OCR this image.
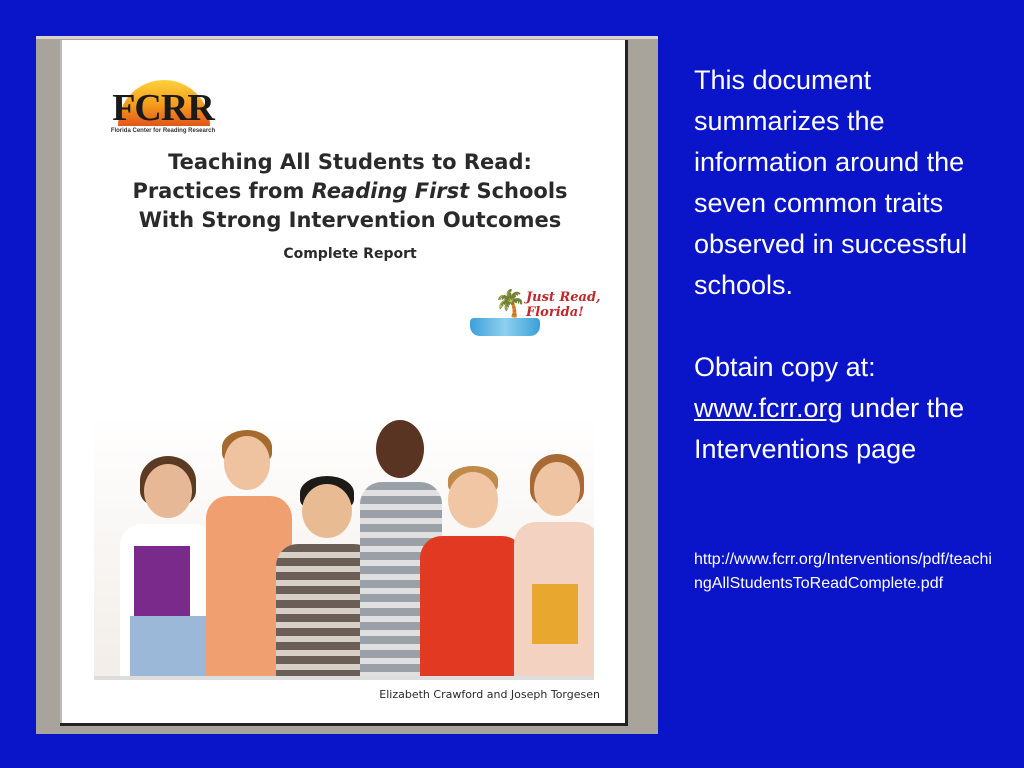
FCRR
Florida Center for Reading Research
Teaching All Students to Read:
Practices from Reading First Schools
With Strong Intervention Outcomes
Complete Report
🌴 Just Read,
Florida!
Elizabeth Crawford and Joseph Torgesen

This document summarizes the information around the seven common traits observed in successful schools.

Obtain copy at:
www.fcrr.org under the Interventions page

http://www.fcrr.org/Interventions/pdf/teachingAllStudentsToReadComplete.pdf
